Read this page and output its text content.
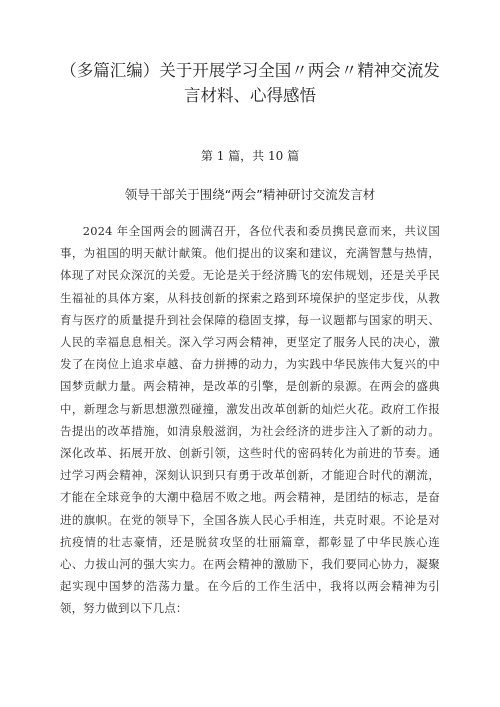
（多篇汇编）关于开展学习全国〃两会〃精神交流发言材料、心得感悟
第 1 篇，共 10 篇
领导干部关于围绕“两会”精神研讨交流发言材

2024 年全国两会的圆满召开，各位代表和委员携民意而来，共议国事，为祖国的明天献计献策。他们提出的议案和建议，充满智慧与热情，体现了对民众深沉的关爱。无论是关于经济腾飞的宏伟规划，还是关乎民生福祉的具体方案，从科技创新的探索之路到环境保护的坚定步伐，从教育与医疗的质量提升到社会保障的稳固支撑，每一议题都与国家的明天、人民的幸福息息相关。深入学习两会精神，更坚定了服务人民的决心，激发了在岗位上追求卓越、奋力拼搏的动力，为实践中华民族伟大复兴的中国梦贡献力量。两会精神，是改革的引擎，是创新的泉源。在两会的盛典中，新理念与新思想激烈碰撞，激发出改革创新的灿烂火花。政府工作报告提出的改革措施，如清泉般滋润，为社会经济的进步注入了新的动力。深化改革、拓展开放、创新引领，这些时代的密码转化为前进的节奏。通过学习两会精神，深刻认识到只有勇于改革创新，才能迎合时代的潮流，才能在全球竞争的大潮中稳居不败之地。两会精神，是团结的标志，是奋进的旗帜。在党的领导下，全国各族人民心手相连，共克时艰。不论是对抗疫情的壮志豪情，还是脱贫攻坚的壮丽篇章，都彰显了中华民族心连心、力拔山河的强大实力。在两会精神的激励下，我们要同心协力，凝聚起实现中国梦的浩荡力量。在今后的工作生活中，我将以两会精神为引领，努力做到以下几点：
